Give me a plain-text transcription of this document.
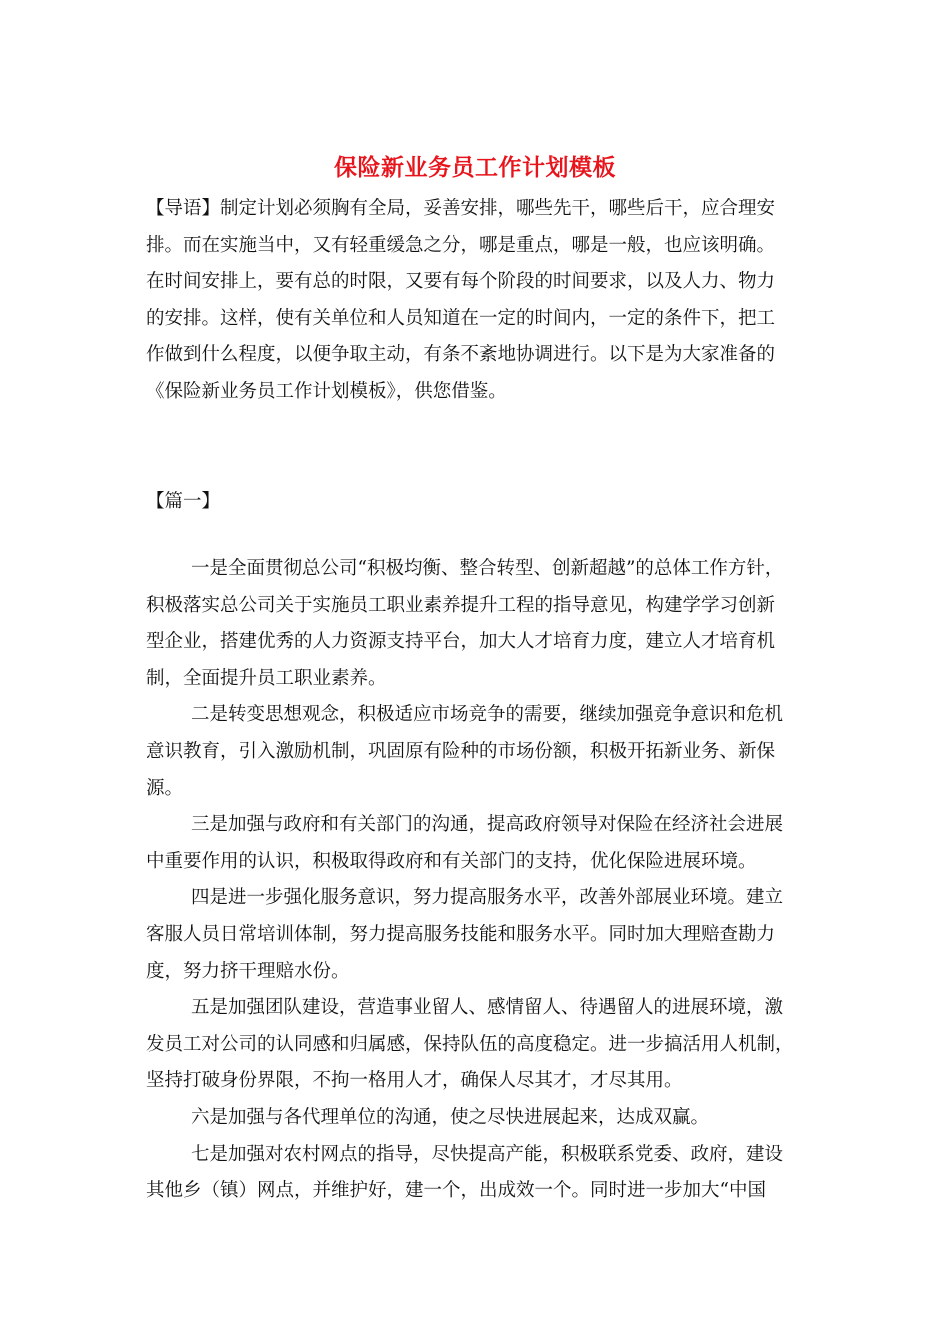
保险新业务员工作计划模板
【导语】制定计划必须胸有全局，妥善安排，哪些先干，哪些后干，应合理安
排。而在实施当中，又有轻重缓急之分，哪是重点，哪是一般，也应该明确。
在时间安排上，要有总的时限，又要有每个阶段的时间要求，以及人力、物力
的安排。这样，使有关单位和人员知道在一定的时间内，一定的条件下，把工
作做到什么程度，以便争取主动，有条不紊地协调进行。以下是为大家准备的
《保险新业务员工作计划模板》，供您借鉴。
【篇一】
一是全面贯彻总公司“积极均衡、整合转型、创新超越”的总体工作方针，
积极落实总公司关于实施员工职业素养提升工程的指导意见，构建学学习创新
型企业，搭建优秀的人力资源支持平台，加大人才培育力度，建立人才培育机
制，全面提升员工职业素养。
二是转变思想观念，积极适应市场竞争的需要，继续加强竞争意识和危机
意识教育，引入激励机制，巩固原有险种的市场份额，积极开拓新业务、新保
源。
三是加强与政府和有关部门的沟通，提高政府领导对保险在经济社会进展
中重要作用的认识，积极取得政府和有关部门的支持，优化保险进展环境。
四是进一步强化服务意识，努力提高服务水平，改善外部展业环境。建立
客服人员日常培训体制，努力提高服务技能和服务水平。同时加大理赔查勘力
度，努力挤干理赔水份。
五是加强团队建设，营造事业留人、感情留人、待遇留人的进展环境，激
发员工对公司的认同感和归属感，保持队伍的高度稳定。进一步搞活用人机制，
坚持打破身份界限，不拘一格用人才，确保人尽其才，才尽其用。
六是加强与各代理单位的沟通，使之尽快进展起来，达成双赢。
七是加强对农村网点的指导，尽快提高产能，积极联系党委、政府，建设
其他乡（镇）网点，并维护好，建一个，出成效一个。同时进一步加大“中国
